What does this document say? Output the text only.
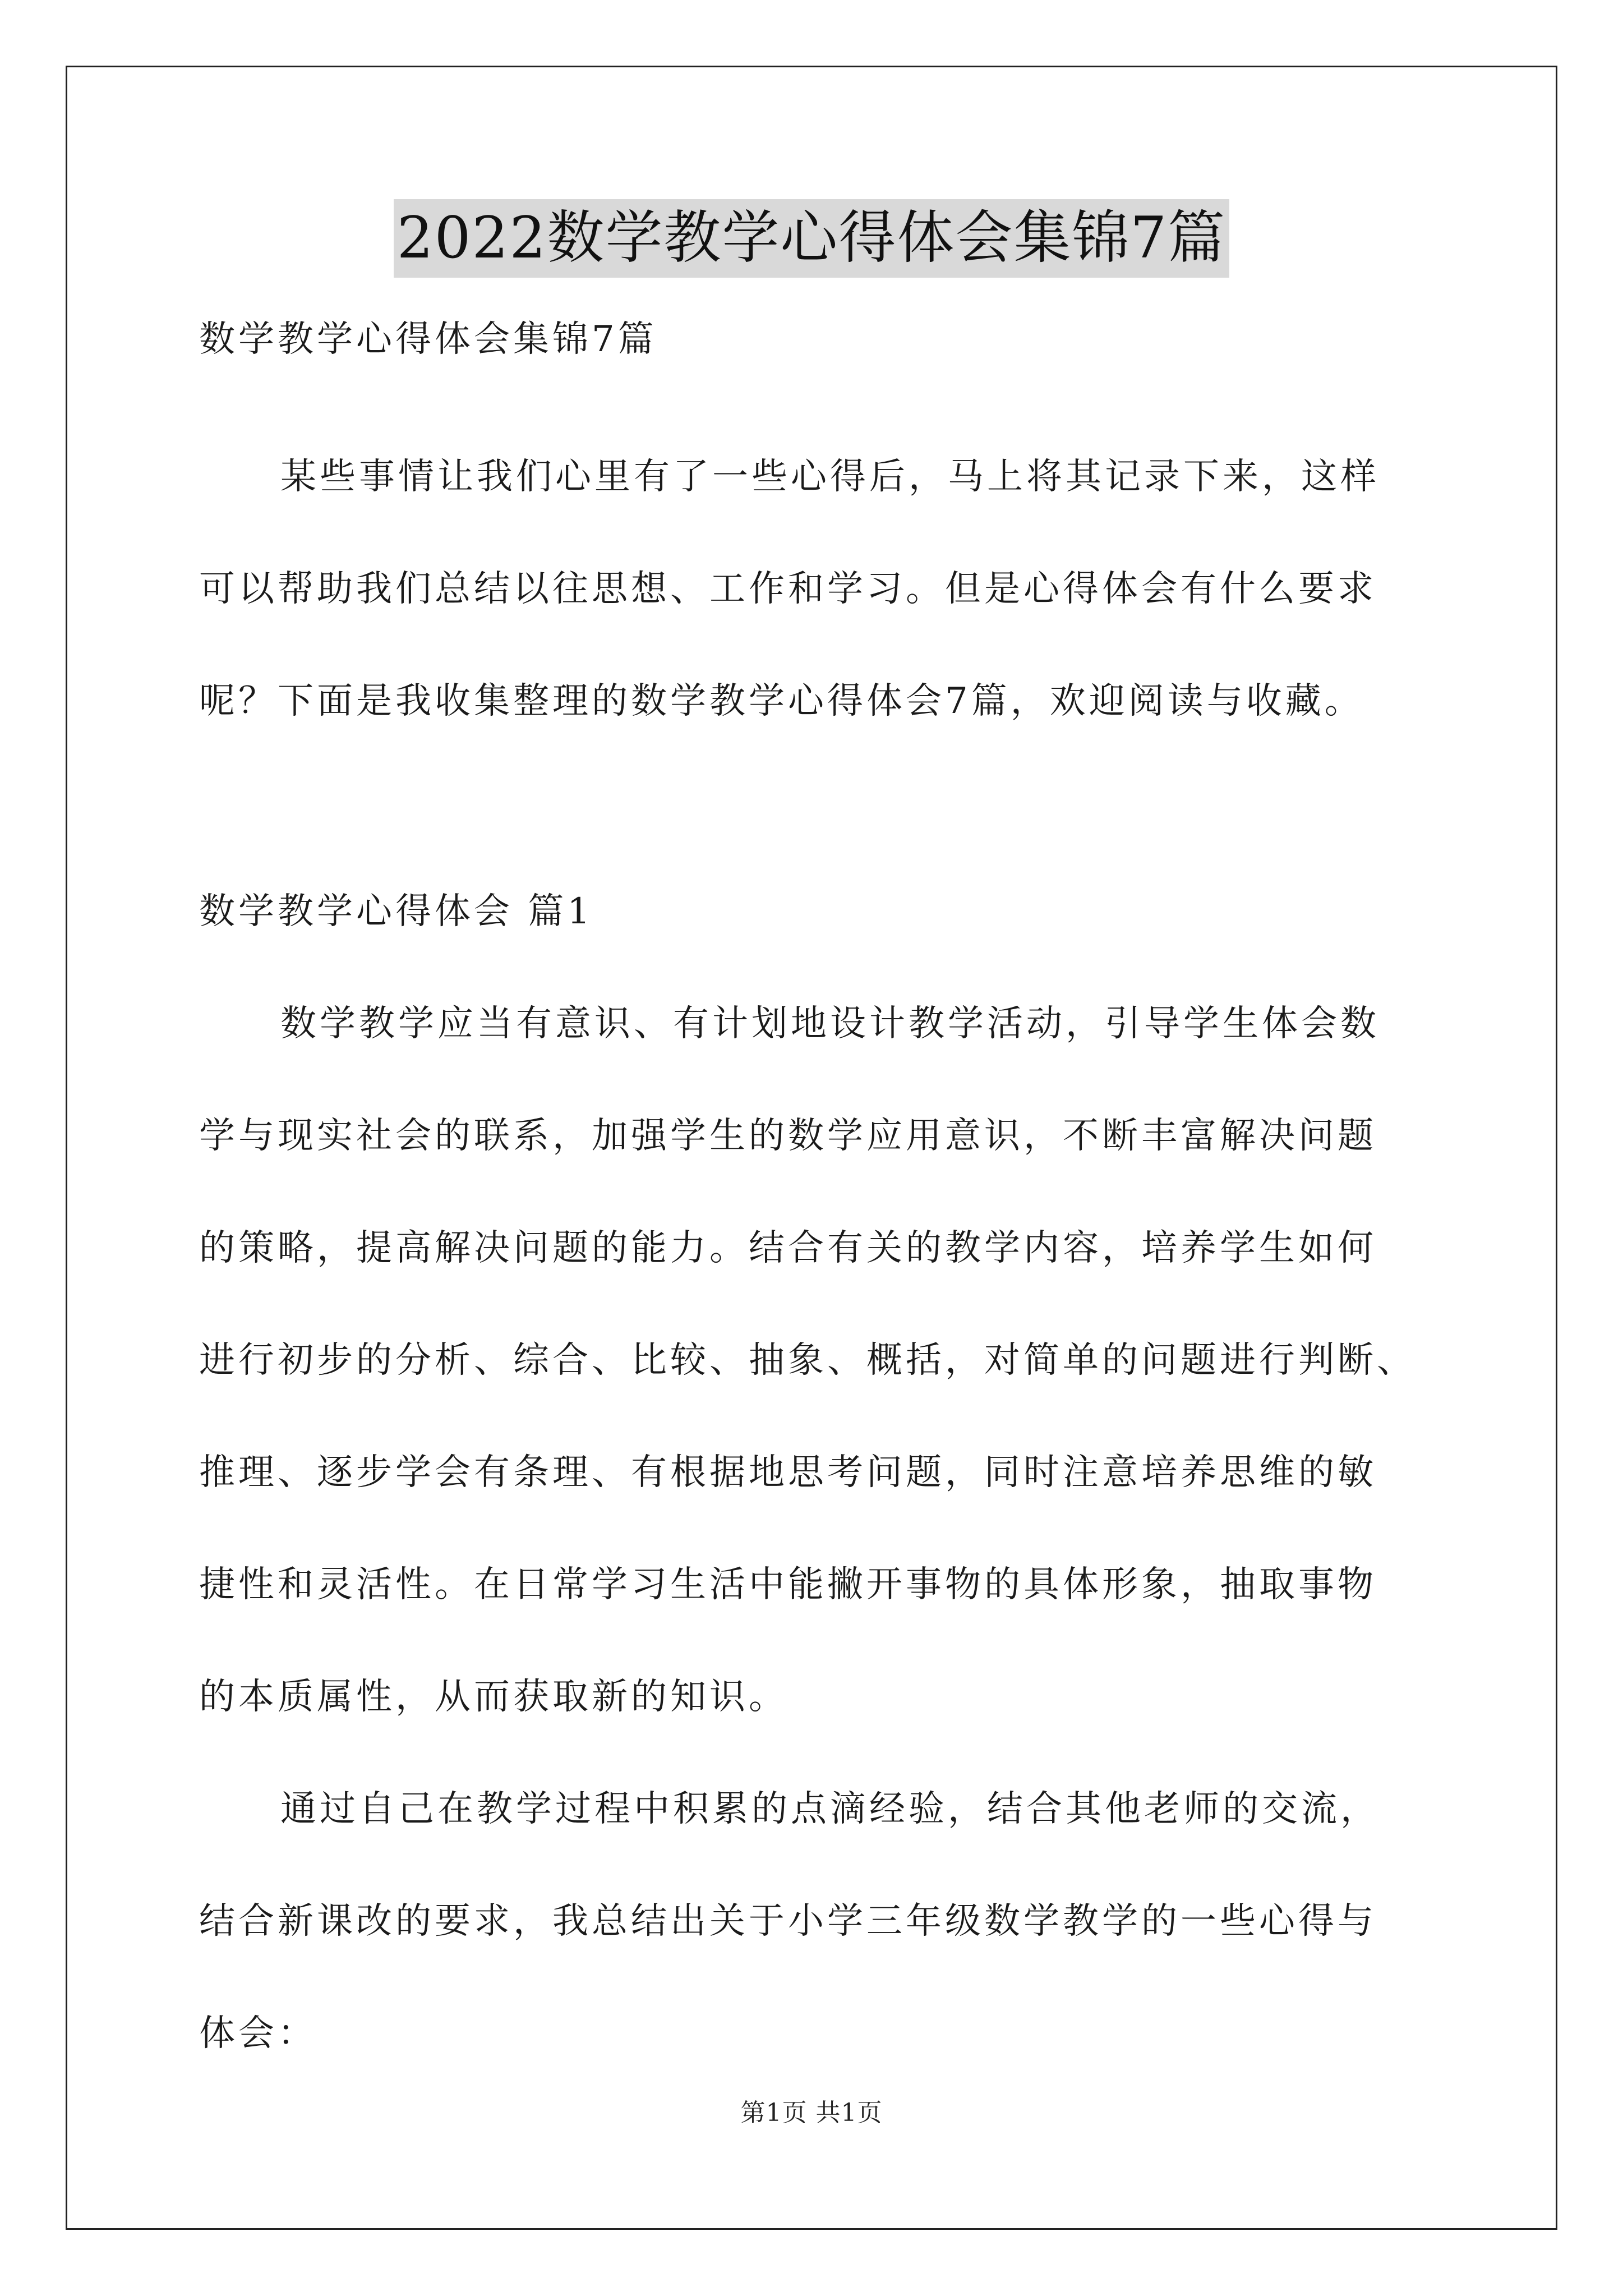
2022数学教学心得体会集锦7篇
数学教学心得体会集锦7篇
某些事情让我们心里有了一些心得后，马上将其记录下来，这样
可以帮助我们总结以往思想、工作和学习。但是心得体会有什么要求
呢？下面是我收集整理的数学教学心得体会7篇，欢迎阅读与收藏。
数学教学心得体会 篇1
数学教学应当有意识、有计划地设计教学活动，引导学生体会数
学与现实社会的联系，加强学生的数学应用意识，不断丰富解决问题
的策略，提高解决问题的能力。结合有关的教学内容，培养学生如何
进行初步的分析、综合、比较、抽象、概括，对简单的问题进行判断、
推理、逐步学会有条理、有根据地思考问题，同时注意培养思维的敏
捷性和灵活性。在日常学习生活中能撇开事物的具体形象，抽取事物
的本质属性，从而获取新的知识。
通过自己在教学过程中积累的点滴经验，结合其他老师的交流，
结合新课改的要求，我总结出关于小学三年级数学教学的一些心得与
体会：
第1页 共1页
